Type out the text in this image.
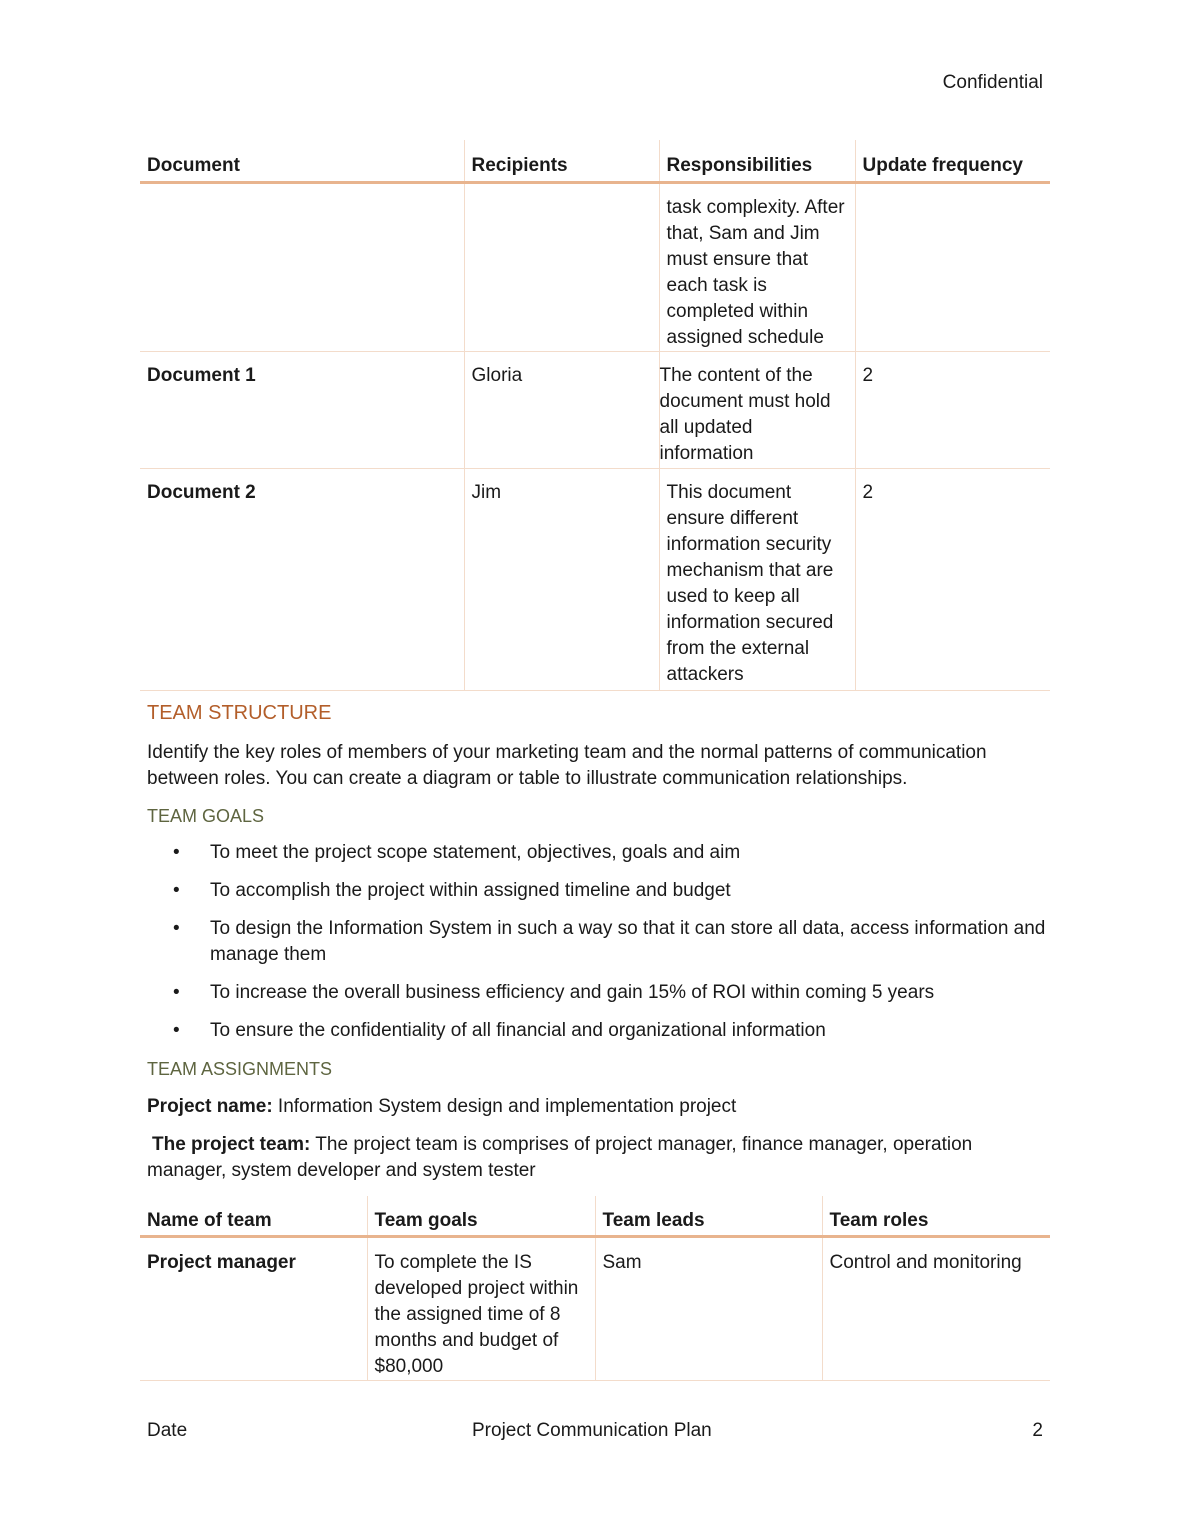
Confidential
Document	Recipients	Responsibilities	Update frequency
		task complexity. After that, Sam and Jim must ensure that each task is completed within assigned schedule	
Document 1	Gloria	The content of the document must hold all updated information	2
Document 2	Jim	This document ensure different information security mechanism that are used to keep all information secured from the external attackers	2
TEAM STRUCTURE
Identify the key roles of members of your marketing team and the normal patterns of communication between roles. You can create a diagram or table to illustrate communication relationships.
TEAM GOALS
• To meet the project scope statement, objectives, goals and aim
• To accomplish the project within assigned timeline and budget
• To design the Information System in such a way so that it can store all data, access information and manage them
• To increase the overall business efficiency and gain 15% of ROI within coming 5 years
• To ensure the confidentiality of all financial and organizational information
TEAM ASSIGNMENTS
Project name: Information System design and implementation project
The project team: The project team is comprises of project manager, finance manager, operation manager, system developer and system tester
Name of team	Team goals	Team leads	Team roles
Project manager	To complete the IS developed project within the assigned time of 8 months and budget of $80,000	Sam	Control and monitoring
Date	Project Communication Plan	2
